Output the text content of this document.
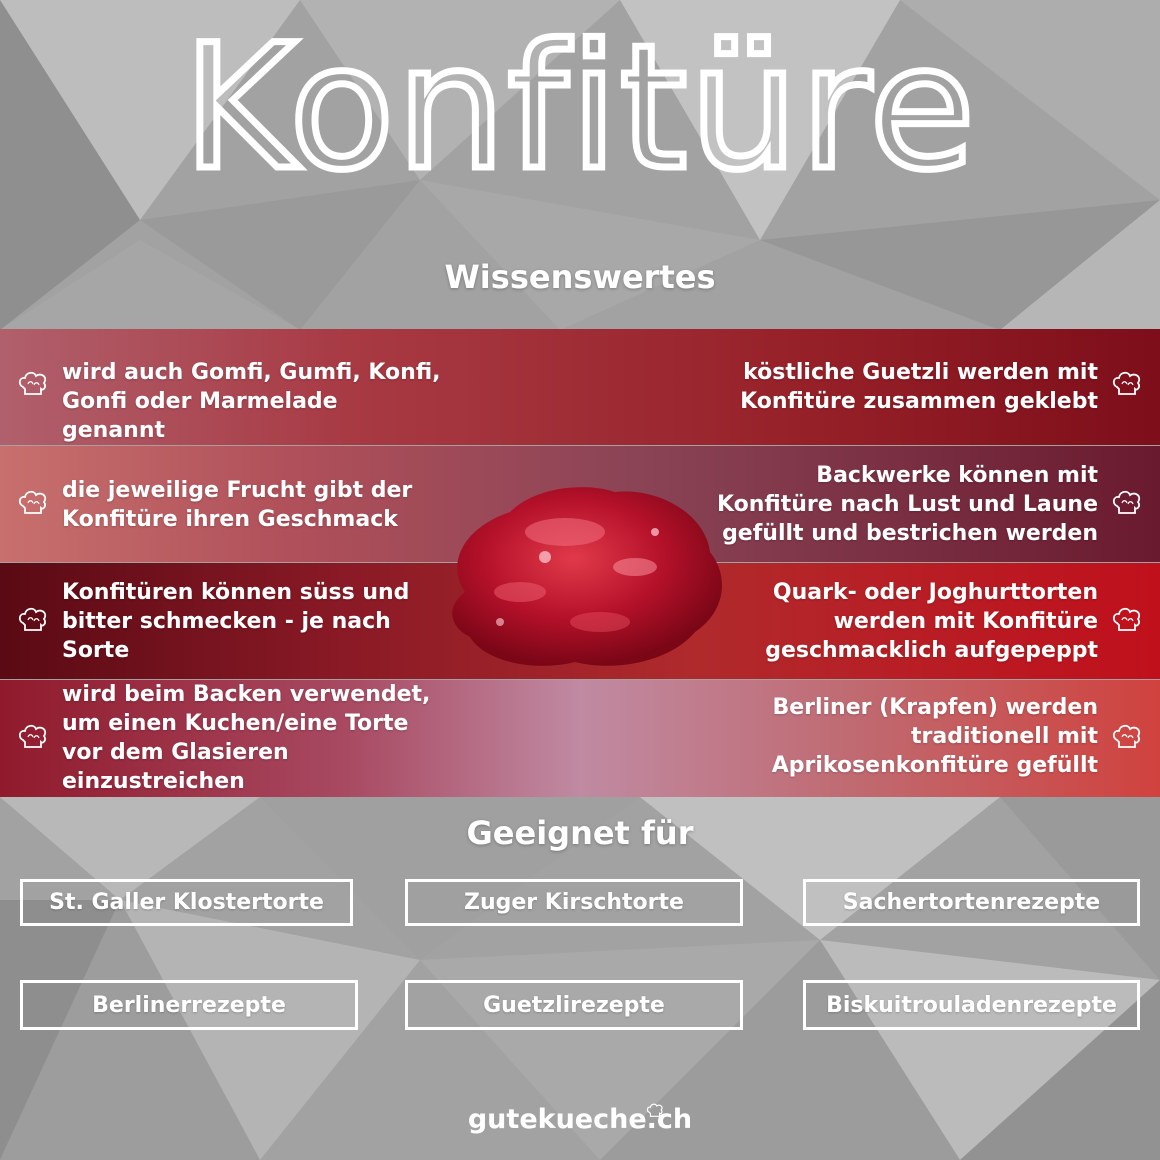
Konfitüre
Wissenswertes
wird auch Gomfi, Gumfi, Konfi, Gonfi oder Marmelade genannt
köstliche Guetzli werden mit Konfitüre zusammen geklebt
die jeweilige Frucht gibt der Konfitüre ihren Geschmack
Backwerke können mit Konfitüre nach Lust und Laune gefüllt und bestrichen werden
Konfitüren können süss und bitter schmecken - je nach Sorte
Quark- oder Joghurttorten werden mit Konfitüre geschmacklich aufgepeppt
wird beim Backen verwendet, um einen Kuchen/eine Torte vor dem Glasieren einzustreichen
Berliner (Krapfen) werden traditionell mit Aprikosenkonfitüre gefüllt
Geeignet für
St. Galler Klostertorte	Zuger Kirschtorte	Sachertortenrezepte
Berlinerrezepte	Guetzlirezepte	Biskuitrouladenrezepte
gutekueche.ch
